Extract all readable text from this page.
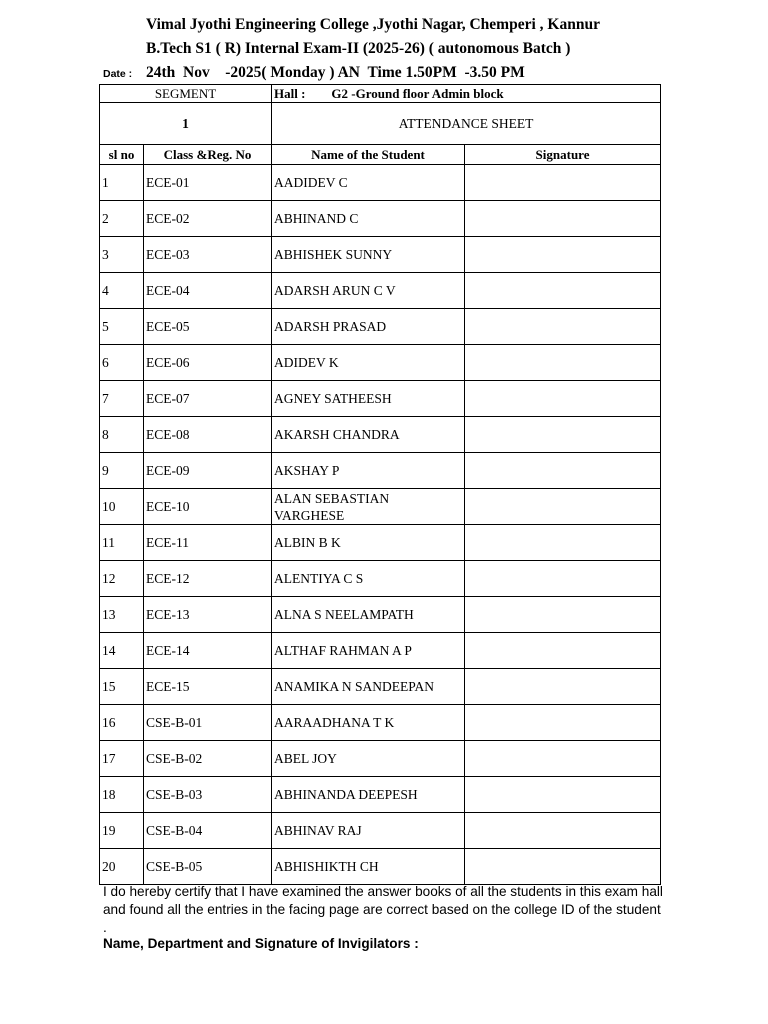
Vimal Jyothi Engineering College ,Jyothi Nagar, Chemperi , Kannur
B.Tech S1 ( R) Internal Exam-II (2025-26) ( autonomous Batch )
Date : 24th  Nov    -2025( Monday ) AN  Time 1.50PM  -3.50 PM
SEGMENT		Hall :        G2 -Ground floor Admin block	
1		ATTENDANCE SHEET	
sl no	Class &Reg. No	Name of the Student	Signature
1	ECE-01	AADIDEV C	
2	ECE-02	ABHINAND C	
3	ECE-03	ABHISHEK SUNNY	
4	ECE-04	ADARSH ARUN C V	
5	ECE-05	ADARSH PRASAD	
6	ECE-06	ADIDEV K	
7	ECE-07	AGNEY SATHEESH	
8	ECE-08	AKARSH CHANDRA	
9	ECE-09	AKSHAY P	
10	ECE-10	ALAN SEBASTIAN VARGHESE	
11	ECE-11	ALBIN B K	
12	ECE-12	ALENTIYA C S	
13	ECE-13	ALNA S NEELAMPATH	
14	ECE-14	ALTHAF RAHMAN A P	
15	ECE-15	ANAMIKA N SANDEEPAN	
16	CSE-B-01	AARAADHANA T K	
17	CSE-B-02	ABEL JOY	
18	CSE-B-03	ABHINANDA DEEPESH	
19	CSE-B-04	ABHINAV RAJ	
20	CSE-B-05	ABHISHIKTH CH	
I do hereby certify that I have examined the answer books of all the students in this exam hall and found all the entries in the facing page are correct based on the college ID of the student .
Name, Department and Signature of Invigilators :
